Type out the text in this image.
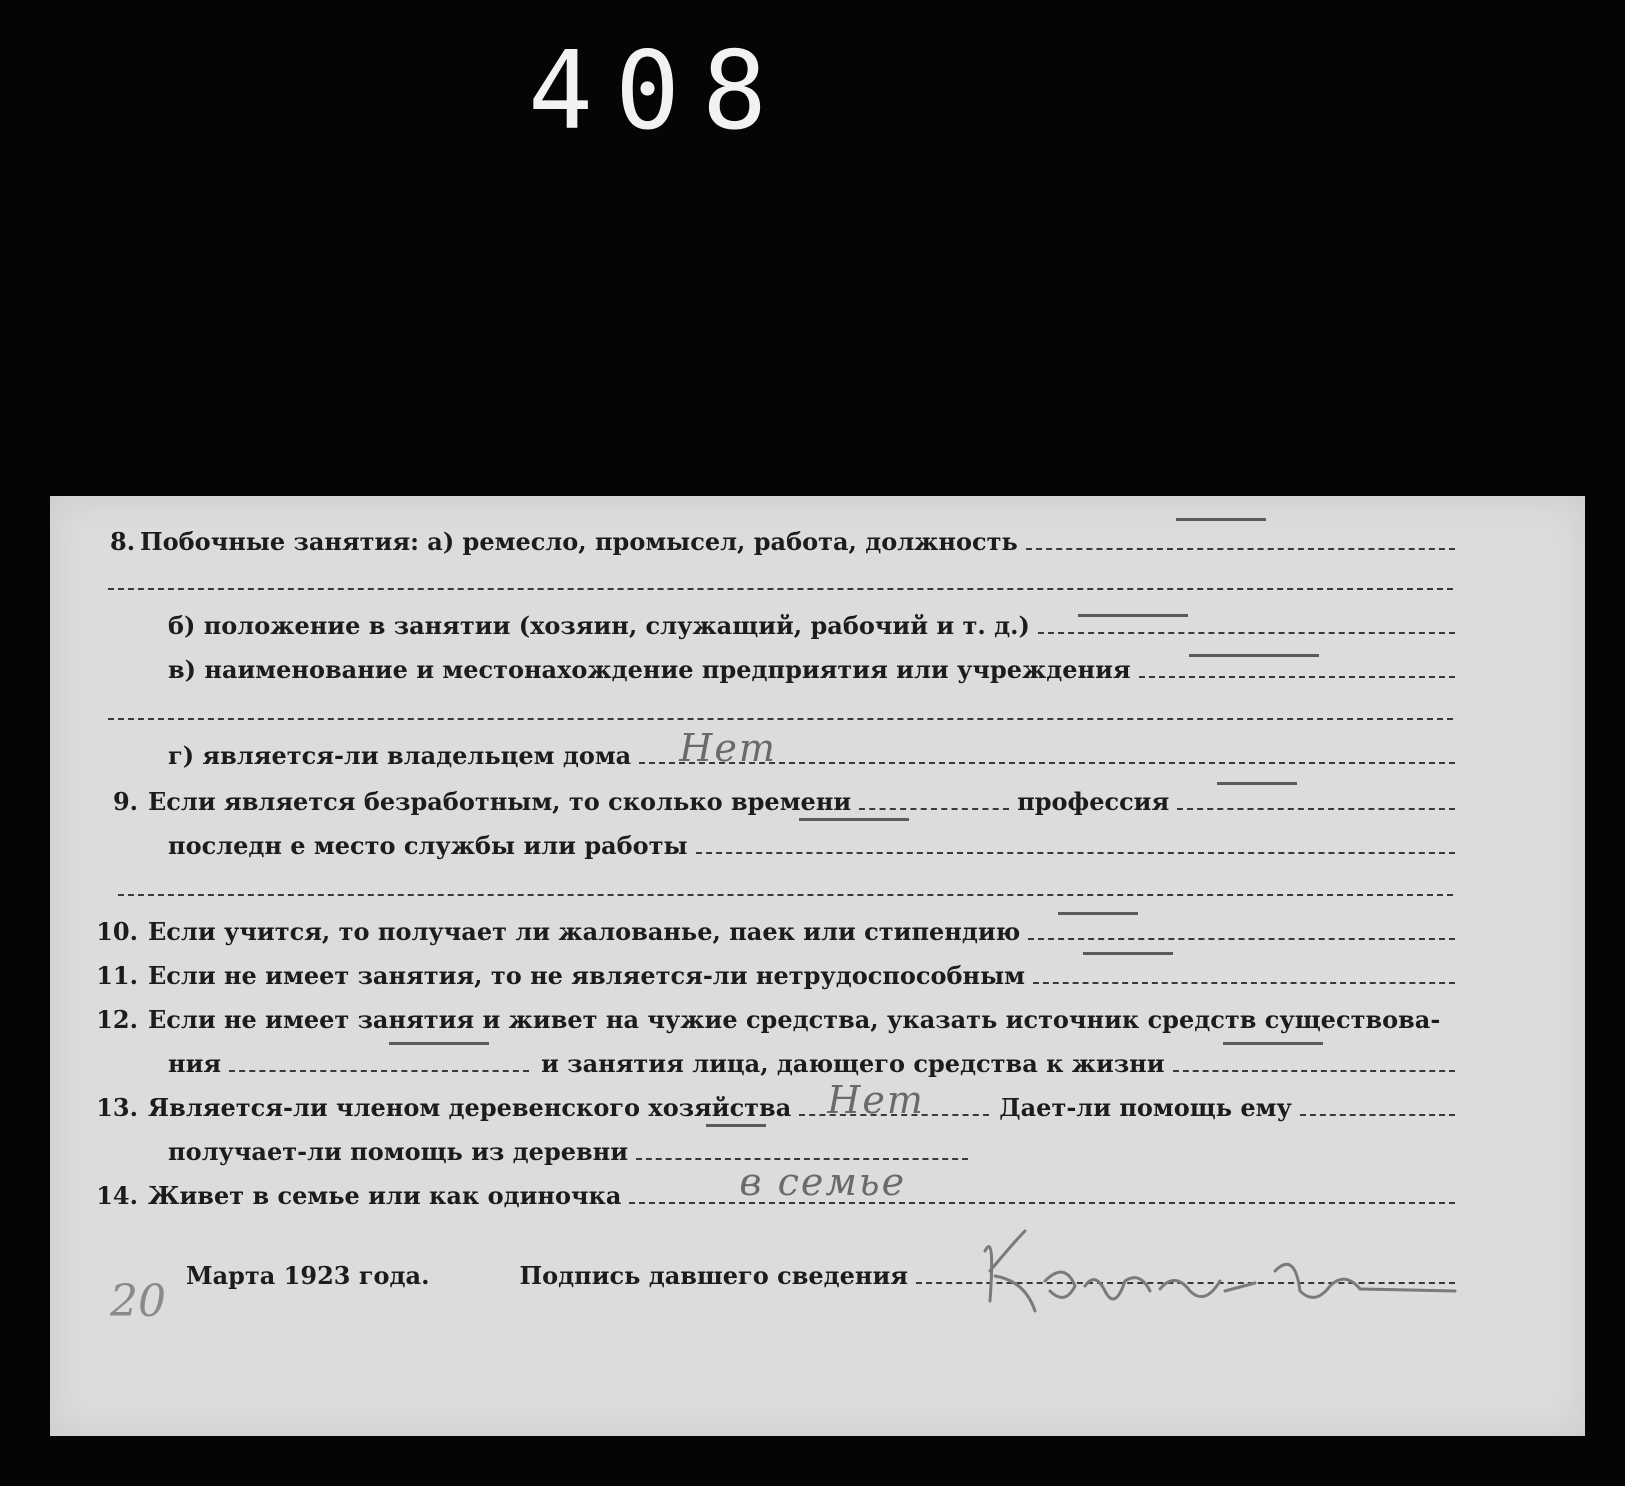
408
8. Побочные занятия: а) ремесло, промысел, работа, должность
б) положение в занятии (хозяин, служащий, рабочий и т. д.)
в) наименование и местонахождение предприятия или учреждения
г) является-ли владельцем дома Нет
9. Если является безработным, то сколько времени	профессия
последн е место службы или работы
10. Если учится, то получает ли жалованье, паек или стипендию
11. Если не имеет занятия, то не является-ли нетрудоспособным
12. Если не имеет занятия и живет на чужие средства, указать источник средств существова-
ния	и занятия лица, дающего средства к жизни
13. Является-ли членом деревенского хозяйства Нет	Дает-ли помощь ему
получает-ли помощь из деревни
14. Живет в семье или как одиночка	в семье
20
Марта 1923 года.	Подпись давшего сведения
